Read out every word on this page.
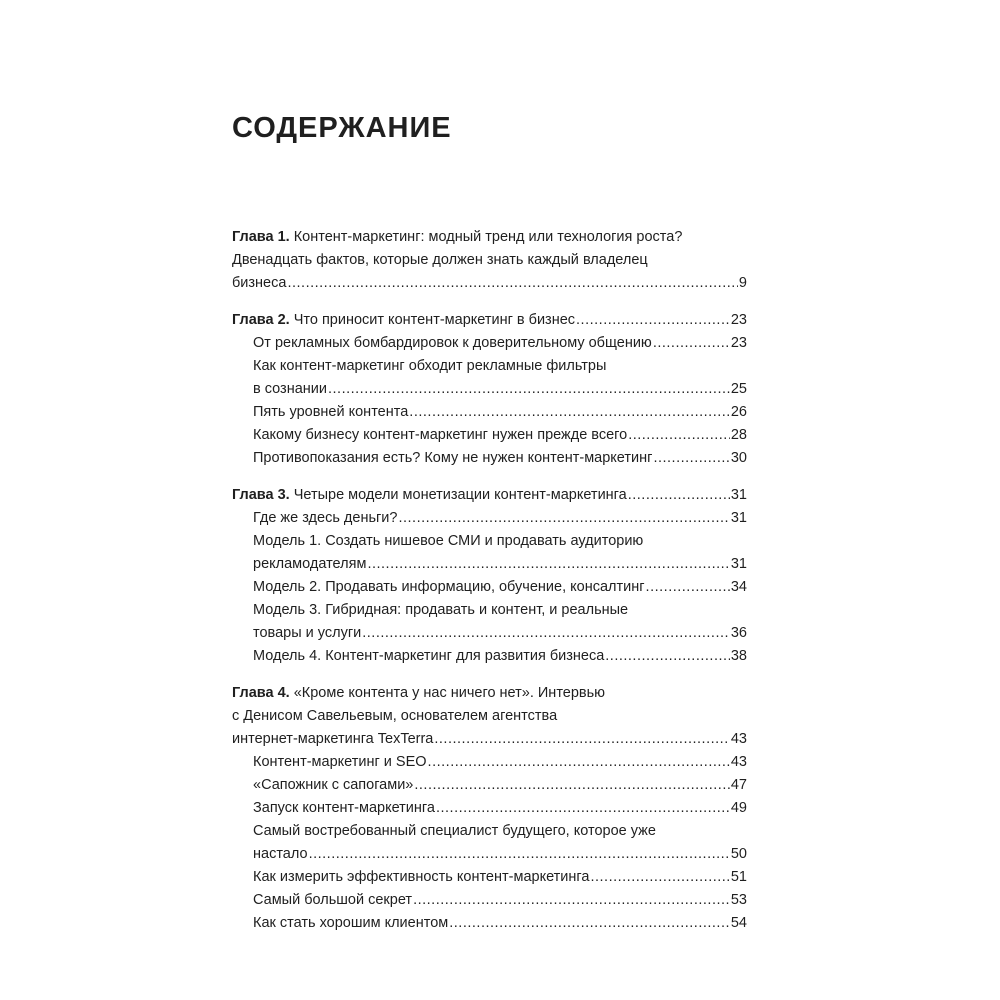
СОДЕРЖАНИЕ
Глава 1. Контент-маркетинг: модный тренд или технология роста?
Двенадцать фактов, которые должен знать каждый владелец
бизнеса .....	9
Глава 2. Что приносит контент-маркетинг в бизнес .....	23
От рекламных бомбардировок к доверительному общению .....	23
Как контент-маркетинг обходит рекламные фильтры
в сознании .....	25
Пять уровней контента .....	26
Какому бизнесу контент-маркетинг нужен прежде всего .....	28
Противопоказания есть? Кому не нужен контент-маркетинг .....	30
Глава 3. Четыре модели монетизации контент-маркетинга .....	31
Где же здесь деньги? .....	31
Модель 1. Создать нишевое СМИ и продавать аудиторию
рекламодателям .....	31
Модель 2. Продавать информацию, обучение, консалтинг .....	34
Модель 3. Гибридная: продавать и контент, и реальные
товары и услуги .....	36
Модель 4. Контент-маркетинг для развития бизнеса .....	38
Глава 4. «Кроме контента у нас ничего нет». Интервью
с Денисом Савельевым, основателем агентства
интернет-маркетинга TexTerra .....	43
Контент-маркетинг и SEO .....	43
«Сапожник с сапогами» .....	47
Запуск контент-маркетинга .....	49
Самый востребованный специалист будущего, которое уже
настало .....	50
Как измерить эффективность контент-маркетинга .....	51
Самый большой секрет .....	53
Как стать хорошим клиентом .....	54
